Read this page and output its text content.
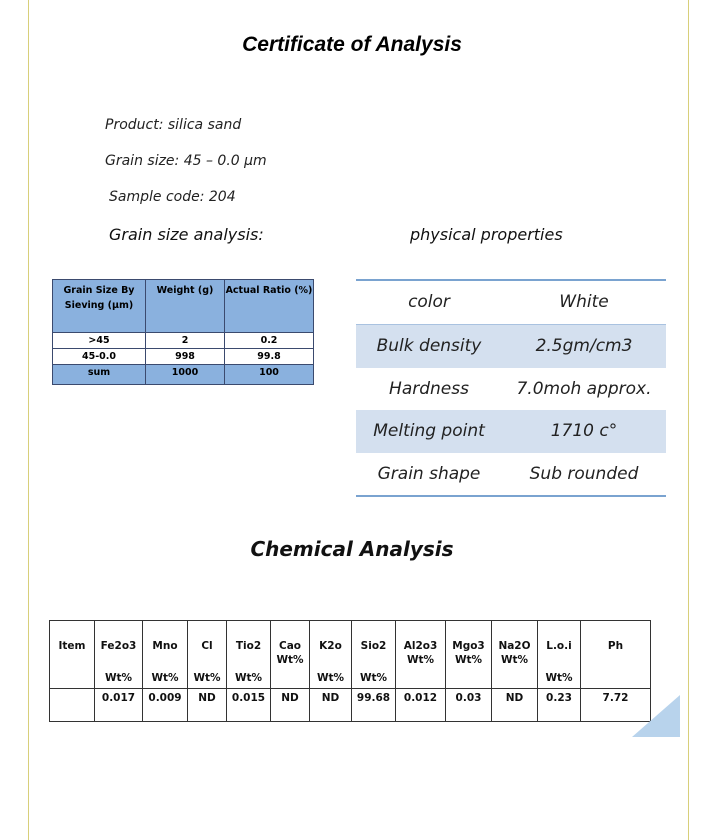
Certificate of Analysis
Product: silica sand
Grain size: 45 – 0.0 μm
Sample code: 204
Grain size analysis:	physical properties
Grain Size By Sieving (μm)	Weight (g)	Actual Ratio (%)
>45	2	0.2
45-0.0	998	99.8
sum	1000	100
color	White
Bulk density	2.5gm/cm3
Hardness	7.0moh approx.
Melting point	1710 c°
Grain shape	Sub rounded
Chemical Analysis
Item	Fe2o3	Mno	Cl	Tio2	Cao Wt%	K2o	Sio2	Al2o3 Wt%	Mgo3 Wt%	Na2O Wt%	L.o.i	Ph
	Wt%	Wt%	Wt%	Wt%		Wt%	Wt%				Wt%	
	0.017	0.009	ND	0.015	ND	ND	99.68	0.012	0.03	ND	0.23	7.72
